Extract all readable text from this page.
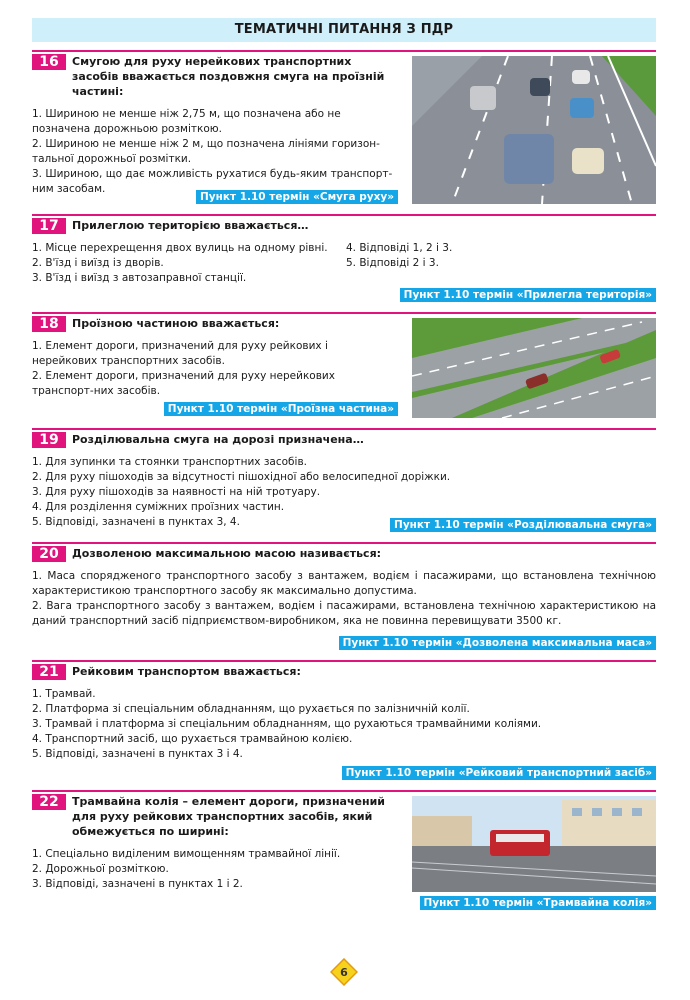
ТЕМАТИЧНІ ПИТАННЯ З ПДР
16	Смугою для руху нерейкових транспортних засобів вважається поздовжня смуга на проїзній частині:
1. Шириною не менше ніж 2,75 м, що позначена або не позначена дорожньою розміткою.
2. Шириною не менше ніж 2 м, що позначена лініями горизон-тальної дорожньої розмітки.
3. Шириною, що дає можливість рухатися будь-яким транспорт-ним засобам.
Пункт 1.10 термін «Смуга руху»
17	Прилеглою територією вважається…
1. Місце перехрещення двох вулиць на одному рівні.
2. В'їзд і виїзд із дворів.
3. В'їзд і виїзд з автозаправної станції.
4. Відповіді 1, 2 і 3.
5. Відповіді 2 і 3.
Пункт 1.10 термін «Прилегла територія»
18	Проїзною частиною вважається:
1. Елемент дороги, призначений для руху рейкових і нерейкових транспортних засобів.
2. Елемент дороги, призначений для руху нерейкових транспорт-них засобів.
Пункт 1.10 термін «Проїзна частина»
19	Розділювальна смуга на дорозі призначена…
1. Для зупинки та стоянки транспортних засобів.
2. Для руху пішоходів за відсутності пішохідної або велосипедної доріжки.
3. Для руху пішоходів за наявності на ній тротуару.
4. Для розділення суміжних проїзних частин.
5. Відповіді, зазначені в пунктах 3, 4.	Пункт 1.10 термін «Розділювальна смуга»
20	Дозволеною максимальною масою називається:
1. Маса спорядженого транспортного засобу з вантажем, водієм і пасажирами, що встановлена технічною характеристикою транспортного засобу як максимально допустима.
2. Вага транспортного засобу з вантажем, водієм і пасажирами, встановлена технічною характеристикою на даний транспортний засіб підприємством-виробником, яка не повинна перевищувати 3500 кг.
Пункт 1.10 термін «Дозволена максимальна маса»
21	Рейковим транспортом вважається:
1. Трамвай.
2. Платформа зі спеціальним обладнанням, що рухається по залізничній колії.
3. Трамвай і платформа зі спеціальним обладнанням, що рухаються трамвайними коліями.
4. Транспортний засіб, що рухається трамвайною колією.
5. Відповіді, зазначені в пунктах 3 і 4.
Пункт 1.10 термін «Рейковий транспортний засіб»
22	Трамвайна колія – елемент дороги, призначений для руху рейкових транспортних засобів, який обмежується по ширині:
1. Спеціально виділеним вимощенням трамвайної лінії.
2. Дорожньої розміткою.
3. Відповіді, зазначені в пунктах 1 і 2.
Пункт 1.10 термін «Трамвайна колія»
6
